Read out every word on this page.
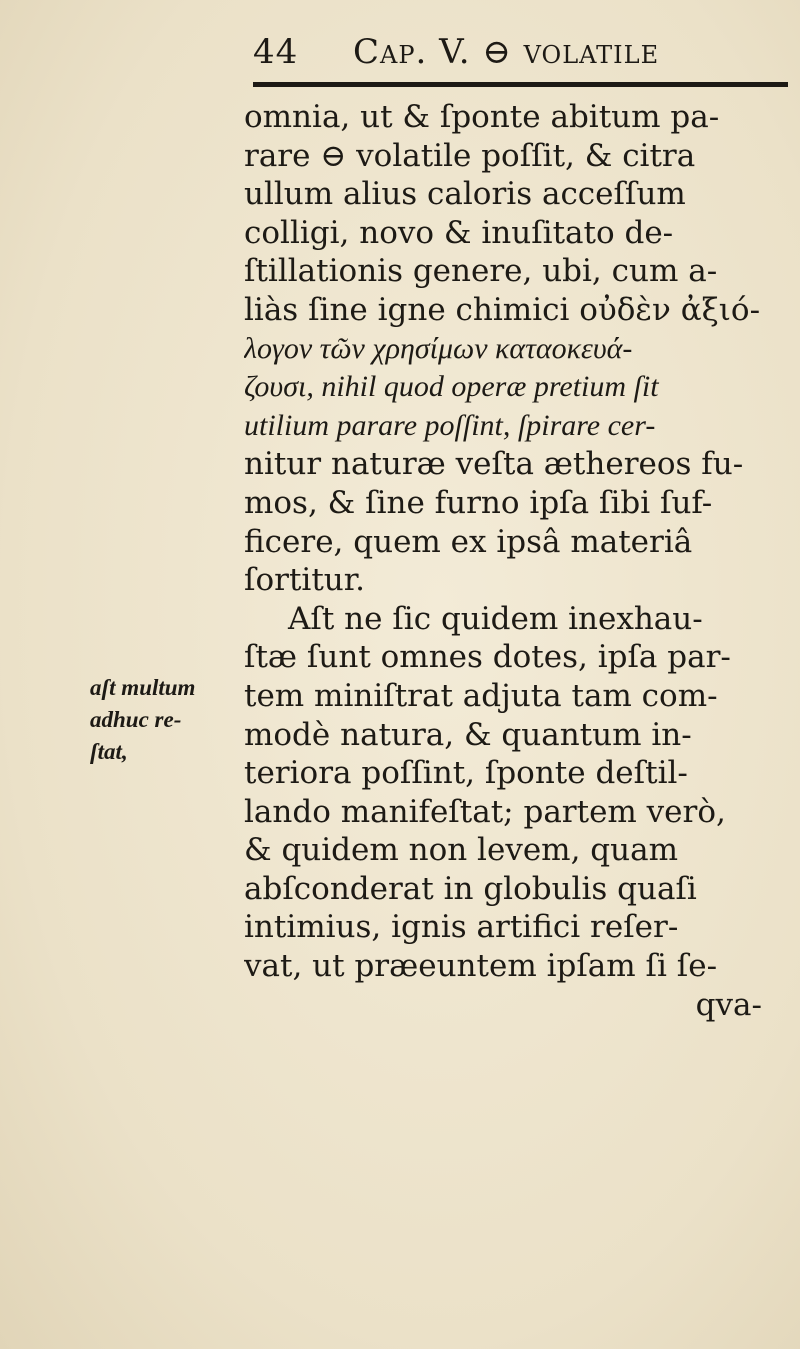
44 Cap. V. ⊖ volatile
omnia, ut & ſponte abitum pa-
rare ⊖ volatile poſſit, & citra
ullum alius caloris acceſſum
colligi, novo & inuſitato de-
ſtillationis genere, ubi, cum a-
liàs ſine igne chimici οὐδὲν ἀξιό-
λογον τῶν χρησίμων καταοκευά-
ζουσι, nihil quod operæ pretium ſit
utilium parare poſſint, ſpirare cer-
nitur naturæ veſta æthereos fu-
mos, & ſine furno ipſa ſibi ſuf-
ficere, quem ex ipsâ materiâ
ſortitur.
Aſt ne ſic quidem inexhau-
ſtæ ſunt omnes dotes, ipſa par-
tem miniſtrat adjuta tam com-
modè natura, & quantum in-
teriora poſſint, ſponte deſtil-
lando manifeſtat; partem verò,
& quidem non levem, quam
abſconderat in globulis quaſi
intimius, ignis artifici reſer-
vat, ut præeuntem ipſam ſi ſe-
qva-
aſt multum
adhuc re-
ſtat,
